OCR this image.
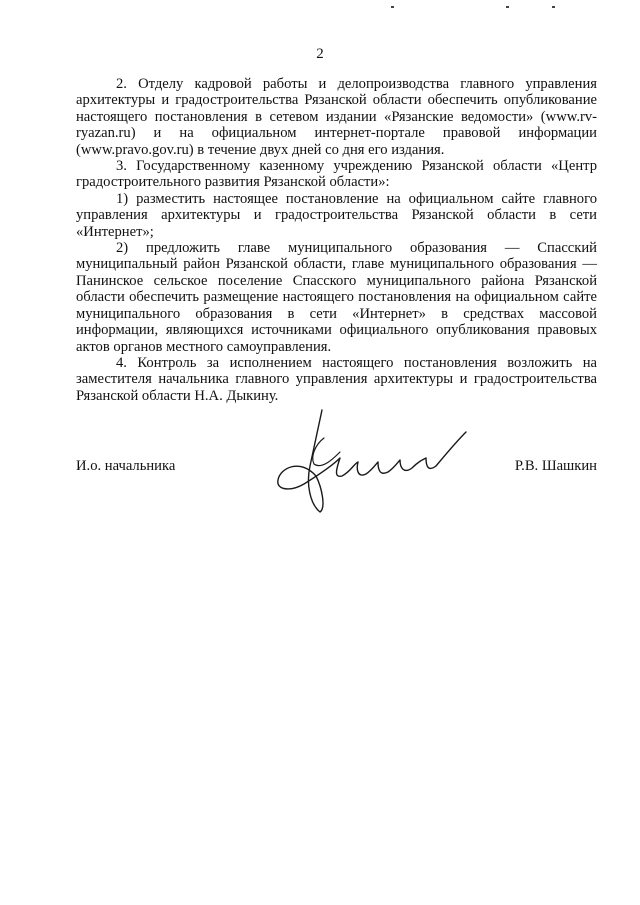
2

2. Отделу кадровой работы и делопроизводства главного управления архитектуры и градостроительства Рязанской области обеспечить опубликование настоящего постановления в сетевом издании «Рязанские ведомости» (www.rv-ryazan.ru) и на официальном интернет-портале правовой информации (www.pravo.gov.ru) в течение двух дней со дня его издания.

3. Государственному казенному учреждению Рязанской области «Центр градостроительного развития Рязанской области»:

1) разместить настоящее постановление на официальном сайте главного управления архитектуры и градостроительства Рязанской области в сети «Интернет»;

2) предложить главе муниципального образования — Спасский муниципальный район Рязанской области, главе муниципального образования — Панинское сельское поселение Спасского муниципального района Рязанской области обеспечить размещение настоящего постановления на официальном сайте муниципального образования в сети «Интернет» в средствах массовой информации, являющихся источниками официального опубликования правовых актов органов местного самоуправления.

4. Контроль за исполнением настоящего постановления возложить на заместителя начальника главного управления архитектуры и градостроительства Рязанской области Н.А. Дыкину.

И.о. начальника	Р.В. Шашкин
